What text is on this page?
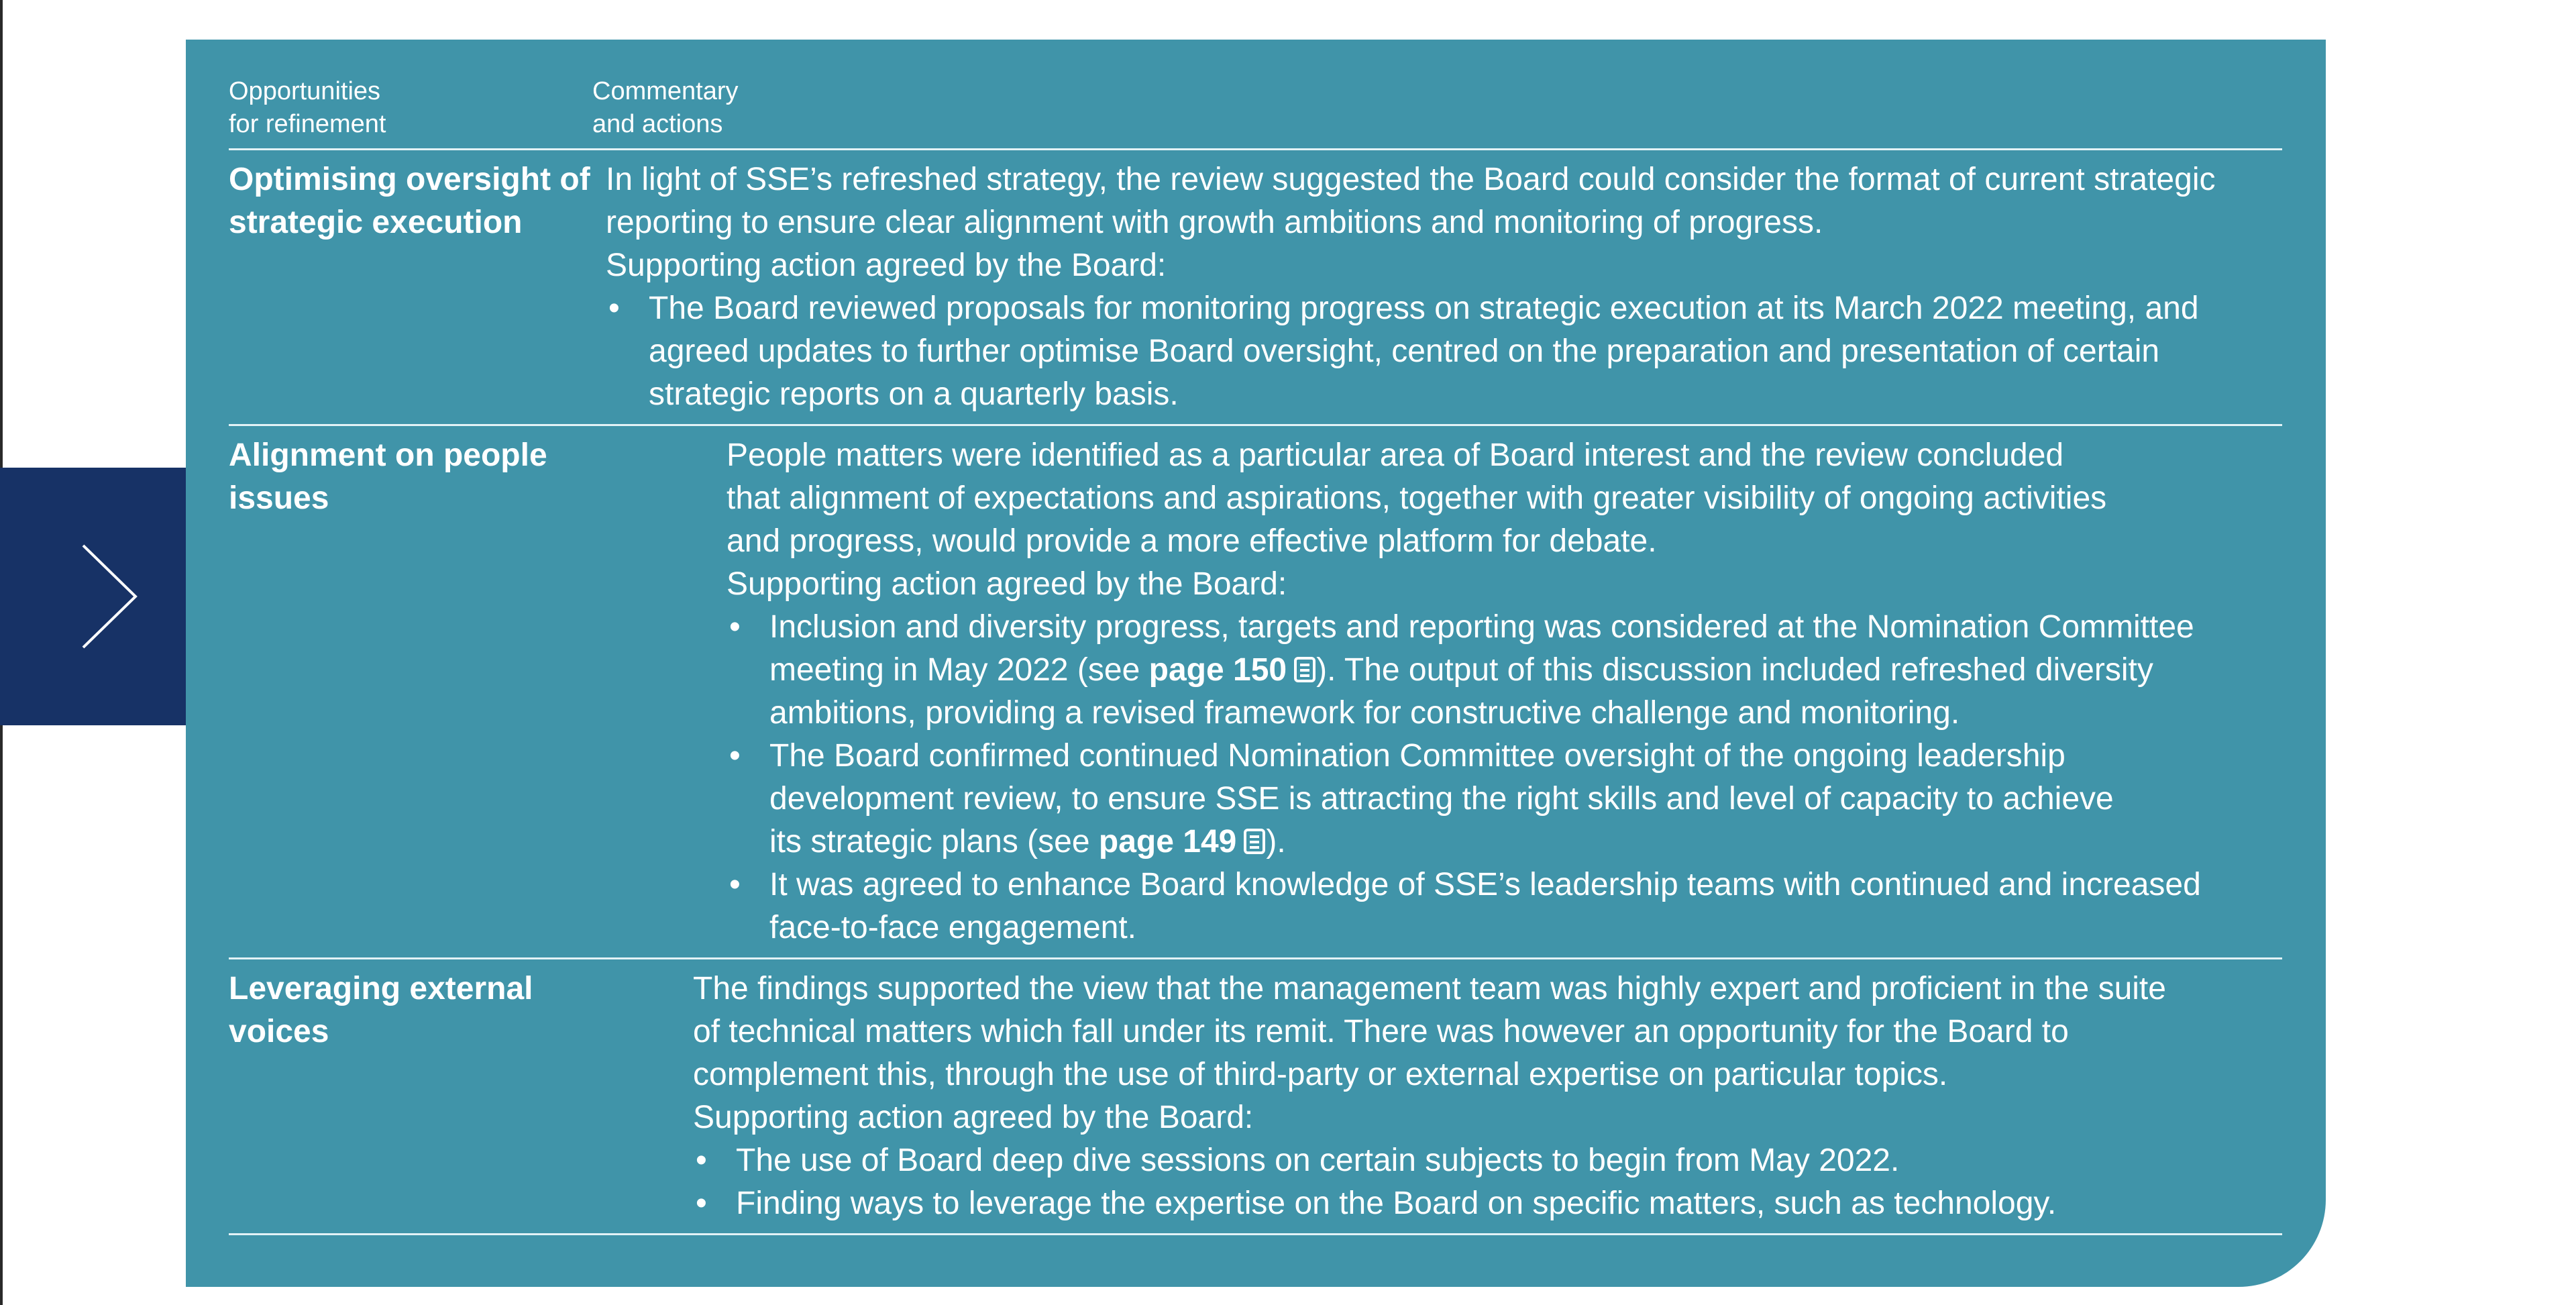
Opportunities
for refinement
Commentary
and actions
Optimising oversight of strategic execution
In light of SSE’s refreshed strategy, the review suggested the Board could consider the format of current strategic reporting to ensure clear alignment with growth ambitions and monitoring of progress.
Supporting action agreed by the Board:
• The Board reviewed proposals for monitoring progress on strategic execution at its March 2022 meeting, and agreed updates to further optimise Board oversight, centred on the preparation and presentation of certain strategic reports on a quarterly basis.
Alignment on people issues
People matters were identified as a particular area of Board interest and the review concluded that alignment of expectations and aspirations, together with greater visibility of ongoing activities and progress, would provide a more effective platform for debate.
Supporting action agreed by the Board:
• Inclusion and diversity progress, targets and reporting was considered at the Nomination Committee meeting in May 2022 (see page 150 ). The output of this discussion included refreshed diversity ambitions, providing a revised framework for constructive challenge and monitoring.
• The Board confirmed continued Nomination Committee oversight of the ongoing leadership development review, to ensure SSE is attracting the right skills and level of capacity to achieve its strategic plans (see page 149 ).
• It was agreed to enhance Board knowledge of SSE’s leadership teams with continued and increased face-to-face engagement.
Leveraging external voices
The findings supported the view that the management team was highly expert and proficient in the suite of technical matters which fall under its remit. There was however an opportunity for the Board to complement this, through the use of third-party or external expertise on particular topics.
Supporting action agreed by the Board:
• The use of Board deep dive sessions on certain subjects to begin from May 2022.
• Finding ways to leverage the expertise on the Board on specific matters, such as technology.
